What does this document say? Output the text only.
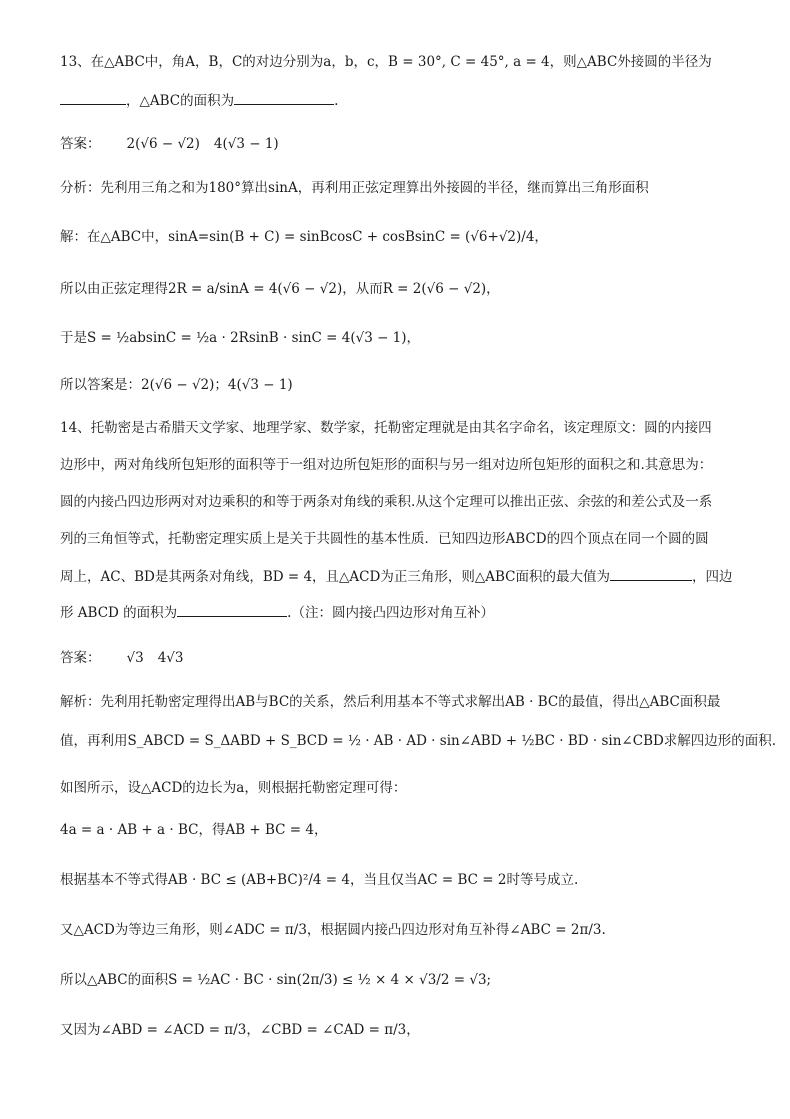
13、在△ABC中，角A，B，C的对边分别为a，b，c，B = 30°, C = 45°, a = 4，则△ABC外接圆的半径为
，△ABC的面积为	.
答案： 2(√6 − √2) 4(√3 − 1)
分析：先利用三角之和为180°算出sinA，再利用正弦定理算出外接圆的半径，继而算出三角形面积
解：在△ABC中，sinA=sin(B + C) = sinBcosC + cosBsinC = (√6+√2)/4，
所以由正弦定理得2R = a/sinA = 4(√6 − √2)，从而R = 2(√6 − √2)，
于是S = ½absinC = ½a · 2RsinB · sinC = 4(√3 − 1)，
所以答案是：2(√6 − √2)；4(√3 − 1)
14、托勒密是古希腊天文学家、地理学家、数学家，托勒密定理就是由其名字命名，该定理原文：圆的内接四
边形中，两对角线所包矩形的面积等于一组对边所包矩形的面积与另一组对边所包矩形的面积之和.其意思为：
圆的内接凸四边形两对对边乘积的和等于两条对角线的乘积.从这个定理可以推出正弦、余弦的和差公式及一系
列的三角恒等式，托勒密定理实质上是关于共圆性的基本性质．已知四边形ABCD的四个顶点在同一个圆的圆
周上，AC、BD是其两条对角线，BD = 4，且△ACD为正三角形，则△ABC面积的最大值为	，四边
形 ABCD 的面积为	.（注：圆内接凸四边形对角互补）
答案： √3 4√3
解析：先利用托勒密定理得出AB与BC的关系，然后利用基本不等式求解出AB · BC的最值，得出△ABC面积最
值，再利用S_ABCD = S_ΔABD + S_BCD = ½ · AB · AD · sin∠ABD + ½BC · BD · sin∠CBD求解四边形的面积.
如图所示，设△ACD的边长为a，则根据托勒密定理可得：
4a = a · AB + a · BC，得AB + BC = 4，
根据基本不等式得AB · BC ≤ (AB+BC)²/4 = 4，当且仅当AC = BC = 2时等号成立.
又△ACD为等边三角形，则∠ADC = π/3，根据圆内接凸四边形对角互补得∠ABC = 2π/3.
所以△ABC的面积S = ½AC · BC · sin(2π/3) ≤ ½ × 4 × √3/2 = √3;
又因为∠ABD = ∠ACD = π/3，∠CBD = ∠CAD = π/3，
